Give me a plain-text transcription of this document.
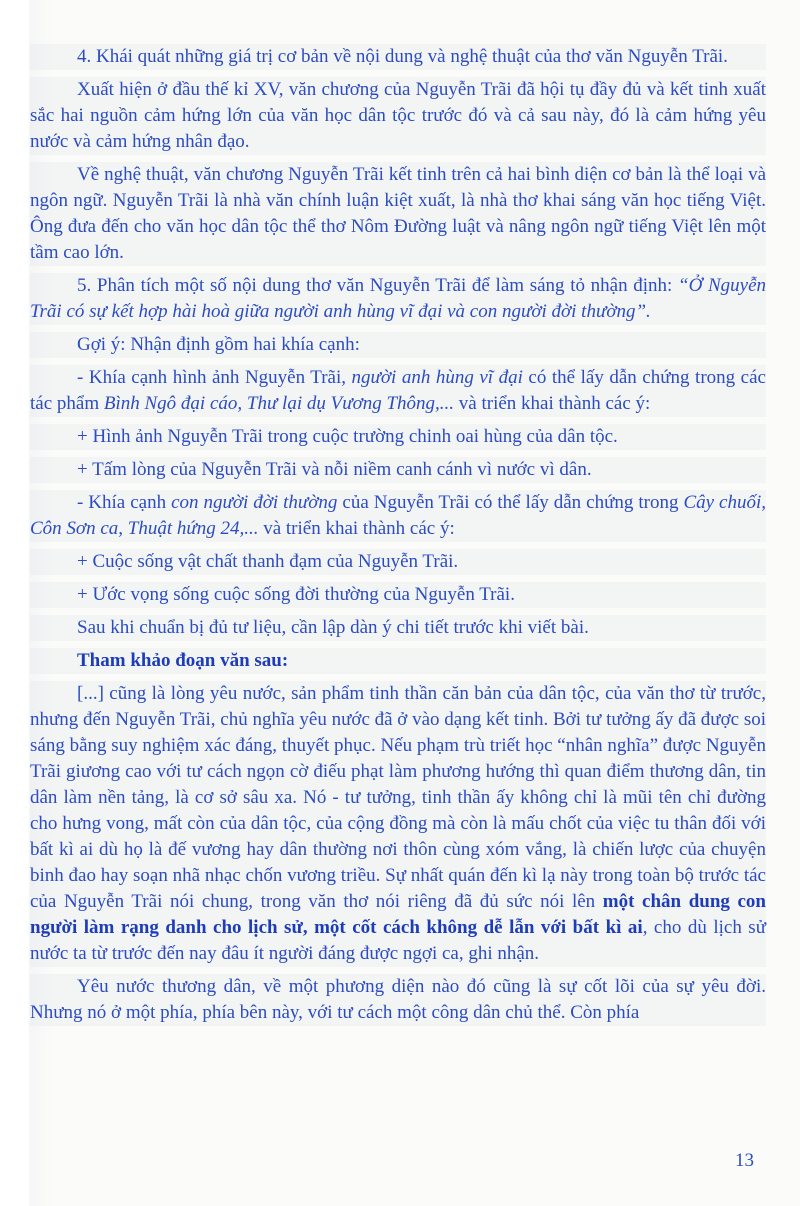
4. Khái quát những giá trị cơ bản về nội dung và nghệ thuật của thơ văn Nguyễn Trãi.

Xuất hiện ở đầu thế kỉ XV, văn chương của Nguyễn Trãi đã hội tụ đầy đủ và kết tinh xuất sắc hai nguồn cảm hứng lớn của văn học dân tộc trước đó và cả sau này, đó là cảm hứng yêu nước và cảm hứng nhân đạo.

Về nghệ thuật, văn chương Nguyễn Trãi kết tinh trên cả hai bình diện cơ bản là thể loại và ngôn ngữ. Nguyễn Trãi là nhà văn chính luận kiệt xuất, là nhà thơ khai sáng văn học tiếng Việt. Ông đưa đến cho văn học dân tộc thể thơ Nôm Đường luật và nâng ngôn ngữ tiếng Việt lên một tầm cao lớn.

5. Phân tích một số nội dung thơ văn Nguyễn Trãi để làm sáng tỏ nhận định: “Ở Nguyễn Trãi có sự kết hợp hài hoà giữa người anh hùng vĩ đại và con người đời thường”.

Gợi ý: Nhận định gồm hai khía cạnh:

- Khía cạnh hình ảnh Nguyễn Trãi, người anh hùng vĩ đại có thể lấy dẫn chứng trong các tác phẩm Bình Ngô đại cáo, Thư lại dụ Vương Thông,... và triển khai thành các ý:

+ Hình ảnh Nguyễn Trãi trong cuộc trường chinh oai hùng của dân tộc.

+ Tấm lòng của Nguyễn Trãi và nỗi niềm canh cánh vì nước vì dân.

- Khía cạnh con người đời thường của Nguyễn Trãi có thể lấy dẫn chứng trong Cây chuối, Côn Sơn ca, Thuật hứng 24,... và triển khai thành các ý:

+ Cuộc sống vật chất thanh đạm của Nguyễn Trãi.

+ Ước vọng sống cuộc sống đời thường của Nguyễn Trãi.

Sau khi chuẩn bị đủ tư liệu, cần lập dàn ý chi tiết trước khi viết bài.

Tham khảo đoạn văn sau:

[...] cũng là lòng yêu nước, sản phẩm tinh thần căn bản của dân tộc, của văn thơ từ trước, nhưng đến Nguyễn Trãi, chủ nghĩa yêu nước đã ở vào dạng kết tinh. Bởi tư tưởng ấy đã được soi sáng bằng suy nghiệm xác đáng, thuyết phục. Nếu phạm trù triết học “nhân nghĩa” được Nguyễn Trãi giương cao với tư cách ngọn cờ điếu phạt làm phương hướng thì quan điểm thương dân, tin dân làm nền tảng, là cơ sở sâu xa. Nó - tư tưởng, tinh thần ấy không chỉ là mũi tên chỉ đường cho hưng vong, mất còn của dân tộc, của cộng đồng mà còn là mấu chốt của việc tu thân đối với bất kì ai dù họ là đế vương hay dân thường nơi thôn cùng xóm vắng, là chiến lược của chuyện binh đao hay soạn nhã nhạc chốn vương triều. Sự nhất quán đến kì lạ này trong toàn bộ trước tác của Nguyễn Trãi nói chung, trong văn thơ nói riêng đã đủ sức nói lên một chân dung con người làm rạng danh cho lịch sử, một cốt cách không dễ lẫn với bất kì ai, cho dù lịch sử nước ta từ trước đến nay đâu ít người đáng được ngợi ca, ghi nhận.

Yêu nước thương dân, về một phương diện nào đó cũng là sự cốt lõi của sự yêu đời. Nhưng nó ở một phía, phía bên này, với tư cách một công dân chủ thể. Còn phía

13
